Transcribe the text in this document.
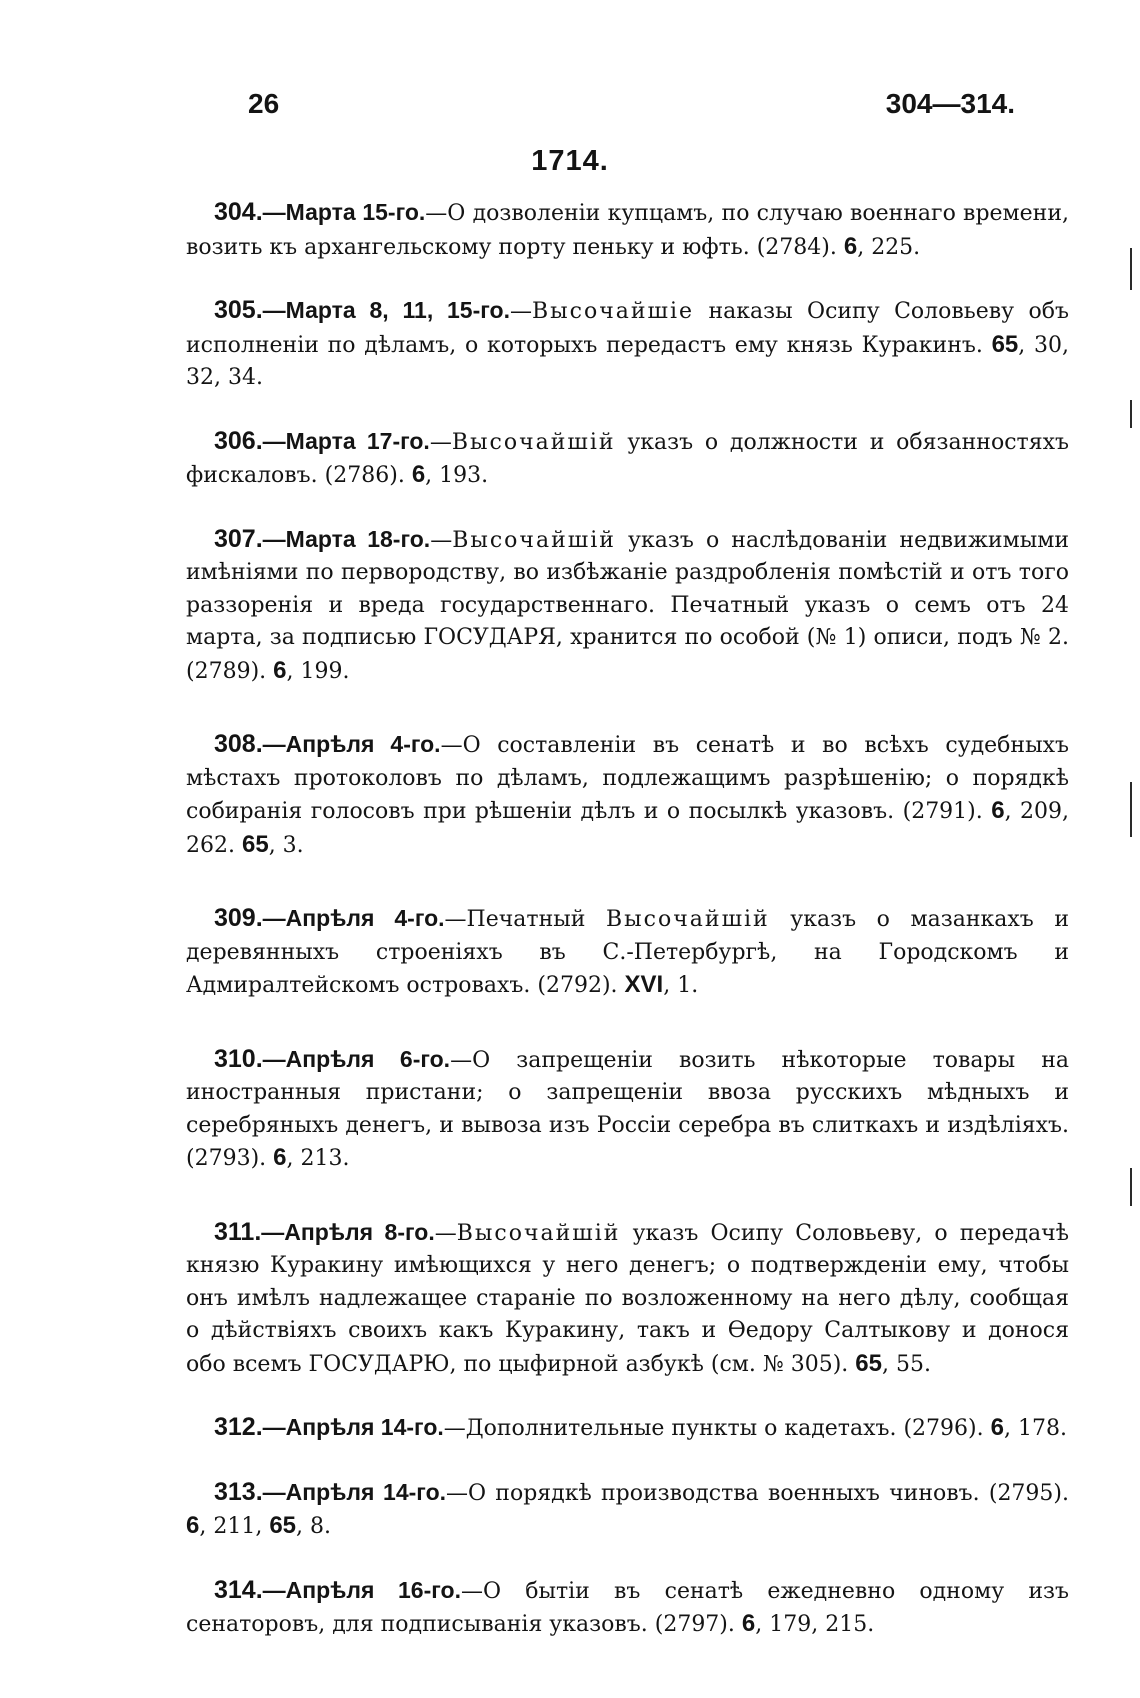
26	304—314.
1714.
304.—Марта 15-го.—О дозволеніи купцамъ, по случаю военнаго времени, возить къ архангельскому порту пеньку и юфть. (2784). 6, 225.
305.—Марта 8, 11, 15-го.—Высочайшіе наказы Осипу Соловьеву объ исполненіи по дѣламъ, о которыхъ передастъ ему князь Куракинъ. 65, 30, 32, 34.
306.—Марта 17-го.—Высочайшій указъ о должности и обязанностяхъ фискаловъ. (2786). 6, 193.
307.—Марта 18-го.—Высочайшій указъ о наслѣдованіи недвижимыми имѣніями по первородству, во избѣжаніе раздробленія помѣстій и отъ того раззоренія и вреда государственнаго. Печатный указъ о семъ отъ 24 марта, за подписью ГОСУДАРЯ, хранится по особой (№ 1) описи, подъ № 2. (2789). 6, 199.
308.—Апрѣля 4-го.—О составленіи въ сенатѣ и во всѣхъ судебныхъ мѣстахъ протоколовъ по дѣламъ, подлежащимъ разрѣшенію; о порядкѣ собиранія голосовъ при рѣшеніи дѣлъ и о посылкѣ указовъ. (2791). 6, 209, 262. 65, 3.
309.—Апрѣля 4-го.—Печатный Высочайшій указъ о мазанкахъ и деревянныхъ строеніяхъ въ С.-Петербургѣ, на Городскомъ и Адмиралтейскомъ островахъ. (2792). XVI, 1.
310.—Апрѣля 6-го.—О запрещеніи возить нѣкоторые товары на иностранныя пристани; о запрещеніи ввоза русскихъ мѣдныхъ и серебряныхъ денегъ, и вывоза изъ Россіи серебра въ слиткахъ и издѣліяхъ. (2793). 6, 213.
311.—Апрѣля 8-го.—Высочайшій указъ Осипу Соловьеву, о передачѣ князю Куракину имѣющихся у него денегъ; о подтвержденіи ему, чтобы онъ имѣлъ надлежащее стараніе по возложенному на него дѣлу, сообщая о дѣйствіяхъ своихъ какъ Куракину, такъ и Ѳедору Салтыкову и донося обо всемъ ГОСУДАРЮ, по цыфирной азбукѣ (см. № 305). 65, 55.
312.—Апрѣля 14-го.—Дополнительные пункты о кадетахъ. (2796). 6, 178.
313.—Апрѣля 14-го.—О порядкѣ производства военныхъ чиновъ. (2795). 6, 211, 65, 8.
314.—Апрѣля 16-го.—О бытіи въ сенатѣ ежедневно одному изъ сенаторовъ, для подписыванія указовъ. (2797). 6, 179, 215.
